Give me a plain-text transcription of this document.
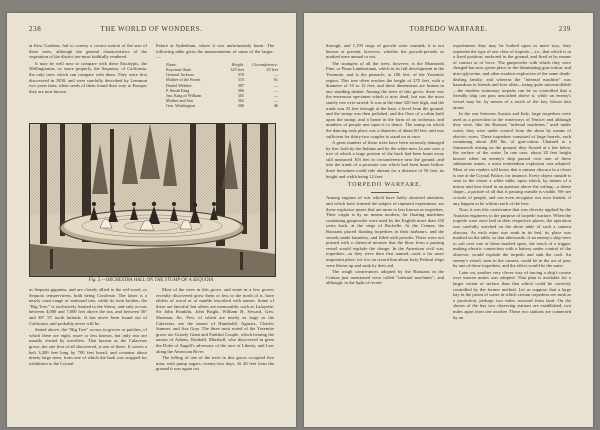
238	THE WORLD OF WONDERS.

at Kew Gardens, fail to convey a correct notion of the size of these trees, although the general characteristics of the vegetation of the district are most faithfully rendered.

It may be well now to compare with these Eucalypts, the Wellingtonias, or, more properly, the Sequoias, of California, the only trees which can compare with them. They were first discovered in 1850, and were carefully described by Lemmon two years later, when seeds of them found their way to Europe; they are now known

Palace at Sydenham, where it was unfortunately burnt. The following table gives the measurements of some of the larger:—

Name.	Height.	Circumference.
Keystone State	325 feet	45 feet
General Jackson	319	—
Mother of the Forest	315	61
Daniel Webster	307	—
P. Smith King	306	—
Jno. King of William	305	—
Mother and Son	302	—
Gen. Washington	300	46
Fig. 3.—ORCHESTRA HALL ON THE STUMP OF A SEQUOIA.

as Sequoia gigantea, and are closely allied to the red-wood, or Sequoia sempervirens, both being Coniferae. The latter is a nearly coast-range or seaboard tree, while its twin brother, the "Big Tree," is exclusively limited to the Sierra, and only occurs between 4,000 and 7,000 feet above the sea, and between 36° and 38° 15' north latitude. It has never been found out of California, and probably never will be.

Stated above, the "Big Tree" occurs in groves or patches, of which there are eight, more or less known, but only two are usually visited by travellers. That known as the Calaveras grove, the one first of all discovered, is one of these. It covers a belt 3,200 feet long by 700 feet broad, and contains about ninety large trees, from one of which the bark was stripped for exhibition to the Crystal

Most of the trees in this grove, and some in a few groves recently discovered grow them or less to the north of it, have tablets of wood or of marble inscribed with names. Some of these are fanciful, but others are memorable; such as Lafayette, Sir John Franklin, John Bright, William H. Seward, Gen. Sherman, &c. Few, of which are nearly as large as the Calaveras, are the names of Humboldt, Agassiz, Charles Sumner, and Asa Gray. The three most noted of the Yosemite grove are Grizzly Giant and Faithful Couple, which bearing the names of Adams, Kimball, Marshall, who discovered in great the Dobe of Angell's adversary of the race of Liberty, and Law along the American River.

The felling of one of the trees in this grove occupied five men, with pump augers, twenty-two days. At 40 feet from the ground it was again cut

TORPEDO WARFARE.	239

through, and 1,193 rings of growth were counted; it is not known at present, however, whether the growth-periods so marked were annual or not.

The strangest of all the trees, however, is the Mammoth Pine, or Pinus Lambertiana, which in its full development in the Yosemite, and is the pinnacle, at 100 feet, of the Yosemite region. This tree often reaches the height of 275 feet, with a diameter of 10 to 12 feet; and these dimensions are beaten in any standing timber. Among the trees of this grove, there was the enormous specimen which is now dead, but was the most stately tree ever sawed. It was at the time 320 feet high, and the trunk was 33 feet through at the base, a level from the ground, and the stump was then polished, and the floor of a cabin built upon the stump, and a house in the form of an orchestra, and numbers of people met upon it to dance. The stump on which the dancing took place was a diameter of about 60 feet, and was sufficient for thirty-two couples to stand on at once.

A great number of these trees have been seriously damaged by fire, both by the Indians and by the white men. In one case, a tree of which a large portion of the back had been burnt away still measured 103 feet in circumference near the ground, and into the trunk of a prostrate one which had been burnt hollow three horsemen could ride abreast for a distance of 50 feet, its height and width being 12 feet.

TORPEDO WARFARE.

Among engines of war which have lately attracted attention, and which have formed the subject of repeated experiment, are those explosive mines that are more or less known as torpedoes. Their origin is by no means modern, for floating machines containing gunpowder were used by the English more than 150 years back, at the siege of Rochelle. At the Crimea, the Russians placed floating torpedoes in their harbours, and the vessels made harmless, and filled with powder. These were not primed with a chemical mixture that the blow from a passing vessel would explode the charge. In the American civil war, torpedoes—as they were then first named—took a far more important place, for it is on record that about forty Federal ships were blown up and sunk by their aid.

The rough contrivances adopted by the Russians in the Crimea just mentioned were called "infernal machines"; and although, in the light of recent

experiments they may be looked upon as mere toys, they represent the type of one class of torpedo,—i.e., that which is in a fixed position, anchored in the ground, and fired at by means of contact or of force. The gunpowder with which they were charged has now given place to the fulminating gun-cotton, and nitro-glycerine, and other modern explosives of the same death-dealing family; and whereas the "infernal machine" was hazardous to friends and foes alike—being quite uncontrollable—the modern stationary torpedo can be so controlled that a friendly ship can pass unscathed above it, while an enemy's vessel may be, by means of a touch of the key, blown into atoms.

In the war between Austria and Italy, large torpedoes were used as a protection to the waterways of Venice; and although they were, like the Russian "infernal machines," used under water, they were under control from the shore by means of electric wires. These torpedoes consisted of large barrels, each containing about 400 lbs. of gun-cotton. Chained to a framework resting on the ground, they floated at a fair below the surface of the water. In one case, about 20 feet height known when an enemy's ship passed over one of these submarine mines, a most tremendous explosion was adopted. Most of our readers will know that a camera obscura in a closet is one at the Crystal Palace, for instance. Every object outside is seen in the centre a white table, upon which, by means of a mirror and lens fixed in an aperture above the ceiling—a dense shape—a picture of all that is passing outside is visible. We see crowds of people, and can even recognise our own friends, if any happen to be within reach of the lens.

Now, it was this contrivance that was cleverly applied by the Austrian engineers to the purpose of torpedo warfare. When the torpedo were once laid in their respective places, the operation was carefully watched on the shore table of such a camera obscura. As each mine was sunk in its bed, its place was marked on the table, so that afterwards, if an enemy's ship were to sail over one of these marked spots, the touch of a trigger, making electric connection with a battery under control of the observer, would explode the torpedo and sink the craft. An enemy's vessel, seen in the camera, could be in the act of pass by one of these torpedoes, and the effect would be the same.

Later on, another very clever way of tracing a ship's course over unseen mines was adopted. That plan is available for a larger extent of surface than that which could be correctly controlled by the former method. Let us suppose that a large bay in the prism of water in which certain torpedoes are sunk as a protection, perhaps two miles seaward from land. On the shores of the bay two observing stations are established, two miles apart from one another. These two stations are connected by an
